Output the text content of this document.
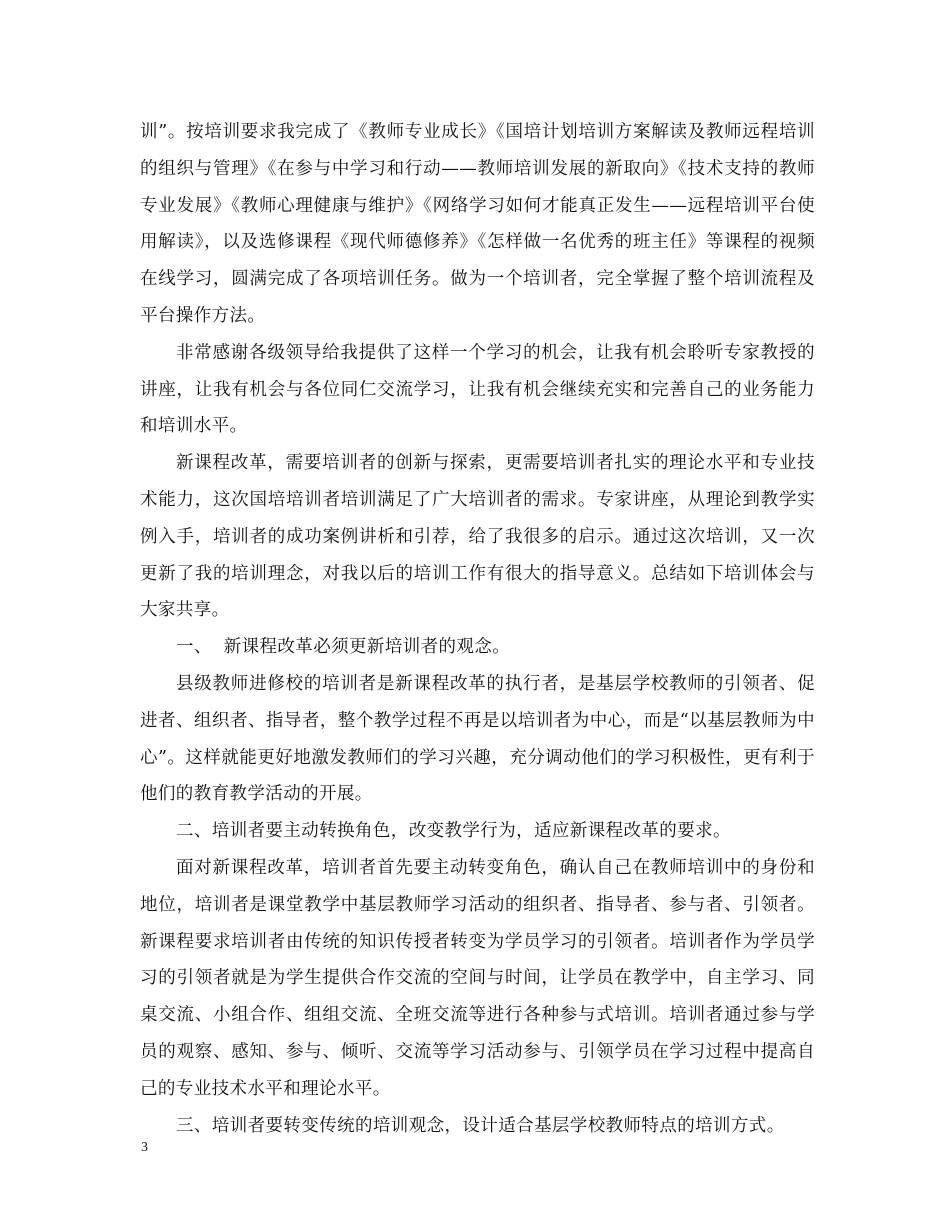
训”。按培训要求我完成了《教师专业成长》《国培计划培训方案解读及教师远程培训的组织与管理》《在参与中学习和行动——教师培训发展的新取向》《技术支持的教师专业发展》《教师心理健康与维护》《网络学习如何才能真正发生——远程培训平台使用解读》，以及选修课程《现代师德修养》《怎样做一名优秀的班主任》等课程的视频在线学习，圆满完成了各项培训任务。做为一个培训者，完全掌握了整个培训流程及平台操作方法。

非常感谢各级领导给我提供了这样一个学习的机会，让我有机会聆听专家教授的讲座，让我有机会与各位同仁交流学习，让我有机会继续充实和完善自己的业务能力和培训水平。

新课程改革，需要培训者的创新与探索，更需要培训者扎实的理论水平和专业技术能力，这次国培培训者培训满足了广大培训者的需求。专家讲座，从理论到教学实例入手，培训者的成功案例讲析和引荐，给了我很多的启示。通过这次培训，又一次更新了我的培训理念，对我以后的培训工作有很大的指导意义。总结如下培训体会与大家共享。

一、  新课程改革必须更新培训者的观念。

县级教师进修校的培训者是新课程改革的执行者，是基层学校教师的引领者、促进者、组织者、指导者，整个教学过程不再是以培训者为中心，而是“以基层教师为中心”。这样就能更好地激发教师们的学习兴趣，充分调动他们的学习积极性，更有利于他们的教育教学活动的开展。

二、培训者要主动转换角色，改变教学行为，适应新课程改革的要求。

面对新课程改革，培训者首先要主动转变角色，确认自己在教师培训中的身份和地位，培训者是课堂教学中基层教师学习活动的组织者、指导者、参与者、引领者。新课程要求培训者由传统的知识传授者转变为学员学习的引领者。培训者作为学员学习的引领者就是为学生提供合作交流的空间与时间，让学员在教学中，自主学习、同桌交流、小组合作、组组交流、全班交流等进行各种参与式培训。培训者通过参与学员的观察、感知、参与、倾听、交流等学习活动参与、引领学员在学习过程中提高自己的专业技术水平和理论水平。

三、培训者要转变传统的培训观念，设计适合基层学校教师特点的培训方式。

3
